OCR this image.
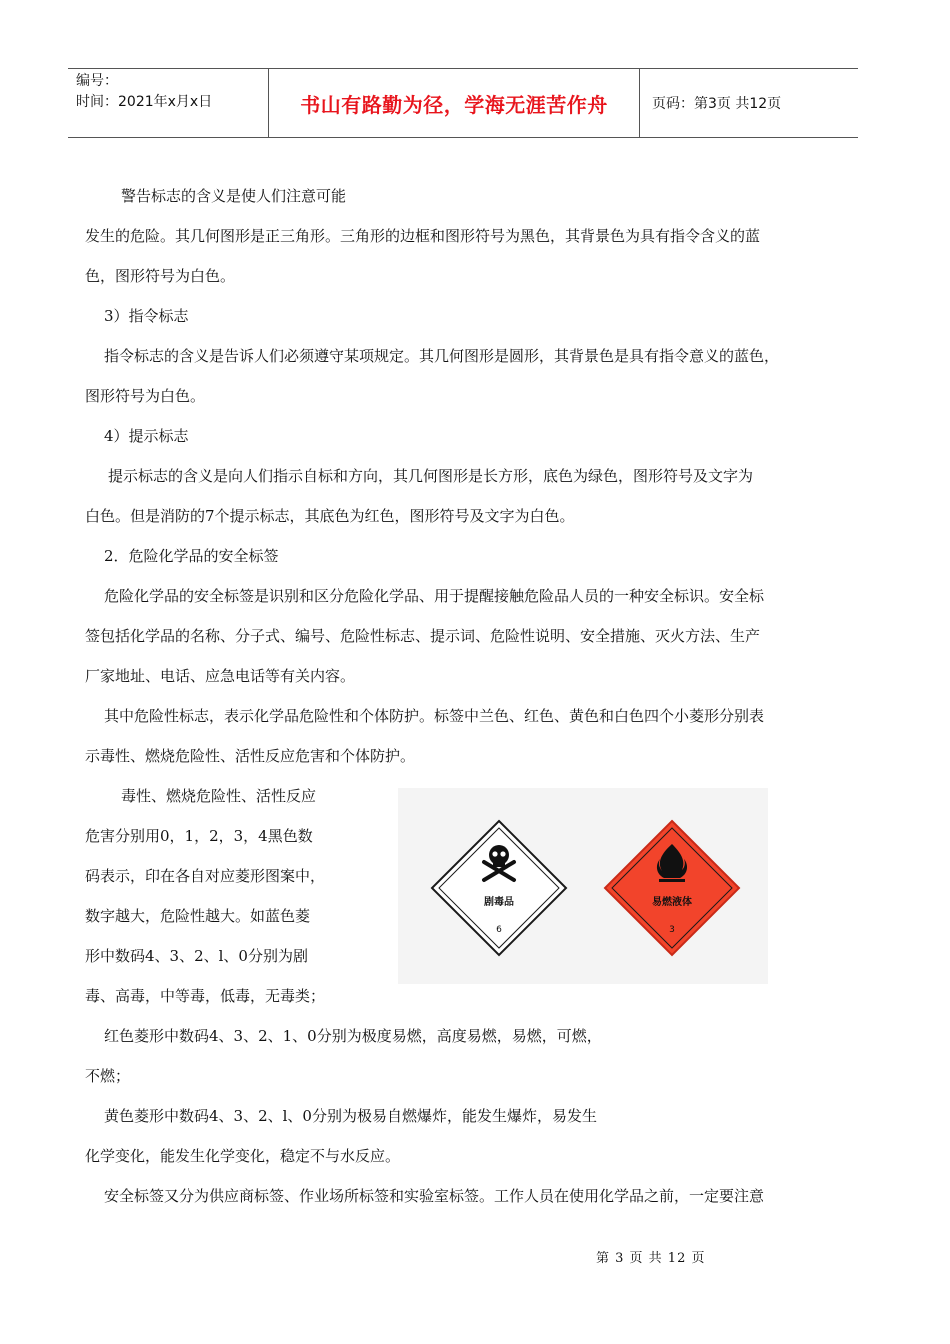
编号：
时间：2021年x月x日	书山有路勤为径，学海无涯苦作舟	页码：第3页 共12页
警告标志的含义是使人们注意可能
发生的危险。其几何图形是正三角形。三角形的边框和图形符号为黑色，其背景色为具有指令含义的蓝
色，图形符号为白色。
3）指令标志
指令标志的含义是告诉人们必须遵守某项规定。其几何图形是圆形，其背景色是具有指令意义的蓝色，
图形符号为白色。
4）提示标志
提示标志的含义是向人们指示自标和方向，其几何图形是长方形，底色为绿色，图形符号及文字为
白色。但是消防的7个提示标志，其底色为红色，图形符号及文字为白色。
2．危险化学品的安全标签
危险化学品的安全标签是识别和区分危险化学品、用于提醒接触危险品人员的一种安全标识。安全标
签包括化学品的名称、分子式、编号、危险性标志、提示词、危险性说明、安全措施、灭火方法、生产
厂家地址、电话、应急电话等有关内容。
其中危险性标志，表示化学品危险性和个体防护。标签中兰色、红色、黄色和白色四个小菱形分别表
示毒性、燃烧危险性、活性反应危害和个体防护。
毒性、燃烧危险性、活性反应
危害分别用0，1，2，3，4黑色数
码表示，印在各自对应菱形图案中，
数字越大，危险性越大。如蓝色菱
形中数码4、3、2、l、0分别为剧
毒、高毒，中等毒，低毒，无毒类；
红色菱形中数码4、3、2、1、0分别为极度易燃，高度易燃，易燃，可燃，
不燃；
黄色菱形中数码4、3、2、l、0分别为极易自燃爆炸，能发生爆炸，易发生
化学变化，能发生化学变化，稳定不与水反应。
安全标签又分为供应商标签、作业场所标签和实验室标签。工作人员在使用化学品之前，一定要注意
剧毒品
6
易燃液体
3
第 3 页 共 12 页
